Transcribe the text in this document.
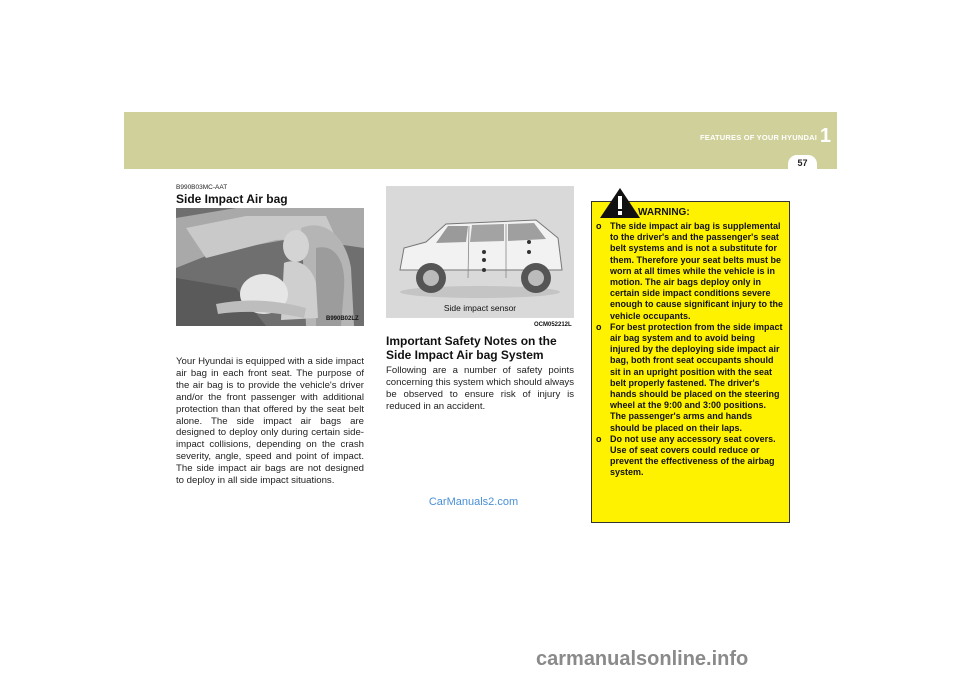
FEATURES OF YOUR HYUNDAI 1
57
B990B03MC-AAT
Side Impact Air bag
B990B02LZ
Your Hyundai is equipped with a side impact air bag in each front seat. The purpose of the air bag is to provide the vehicle's driver and/or the front passenger with additional protection than that offered by the seat belt alone. The side impact air bags are designed to deploy only during certain side-impact collisions, depending on the crash severity, angle, speed and point of impact. The side impact air bags are not designed to deploy in all side impact situations.
Side impact sensor
OCM052212L
Important Safety Notes on the Side Impact Air bag System
Following are a number of safety points concerning this system which should always be observed to ensure risk of injury is reduced in an accident.
WARNING:
o The side impact air bag is supplemental to the driver's and the passenger's seat belt systems and is not a substitute for them. Therefore your seat belts must be worn at all times while the vehicle is in motion. The air bags deploy only in certain side impact conditions severe enough to cause significant injury to the vehicle occupants.
o For best protection from the side impact air bag system and to avoid being injured by the deploying side impact air bag, both front seat occupants should sit in an upright position with the seat belt properly fastened. The driver's hands should be placed on the steering wheel at the 9:00 and 3:00 positions. The passenger's arms and hands should be placed on their laps.
o Do not use any accessory seat covers. Use of seat covers could reduce or prevent the effectiveness of the airbag system.
CarManuals2.com
carmanualsonline.info
